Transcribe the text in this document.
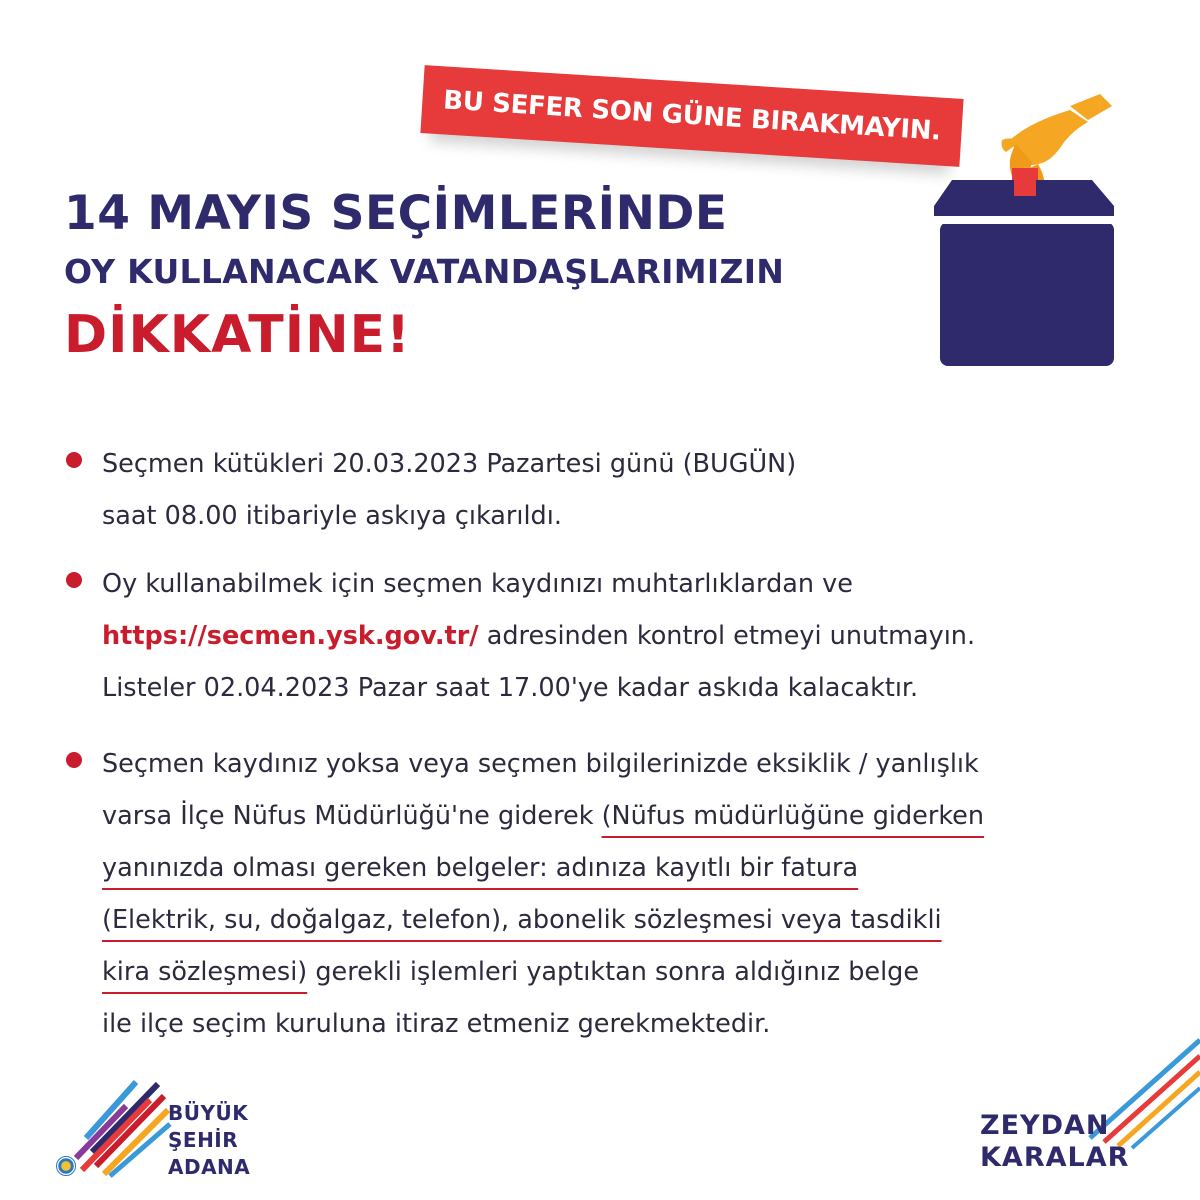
BU SEFER SON GÜNE BIRAKMAYIN.
14 MAYIS SEÇİMLERİNDE
OY KULLANACAK VATANDAŞLARIMIZIN
DİKKATİNE!
Seçmen kütükleri 20.03.2023 Pazartesi günü (BUGÜN)
saat 08.00 itibariyle askıya çıkarıldı.
Oy kullanabilmek için seçmen kaydınızı muhtarlıklardan ve
https://secmen.ysk.gov.tr/ adresinden kontrol etmeyi unutmayın.
Listeler 02.04.2023 Pazar saat 17.00'ye kadar askıda kalacaktır.
Seçmen kaydınız yoksa veya seçmen bilgilerinizde eksiklik / yanlışlık
varsa İlçe Nüfus Müdürlüğü'ne giderek (Nüfus müdürlüğüne giderken
yanınızda olması gereken belgeler: adınıza kayıtlı bir fatura
(Elektrik, su, doğalgaz, telefon), abonelik sözleşmesi veya tasdikli
kira sözleşmesi) gerekli işlemleri yaptıktan sonra aldığınız belge
ile ilçe seçim kuruluna itiraz etmeniz gerekmektedir.
BÜYÜK
ŞEHİR
ADANA
ZEYDAN
KARALAR
